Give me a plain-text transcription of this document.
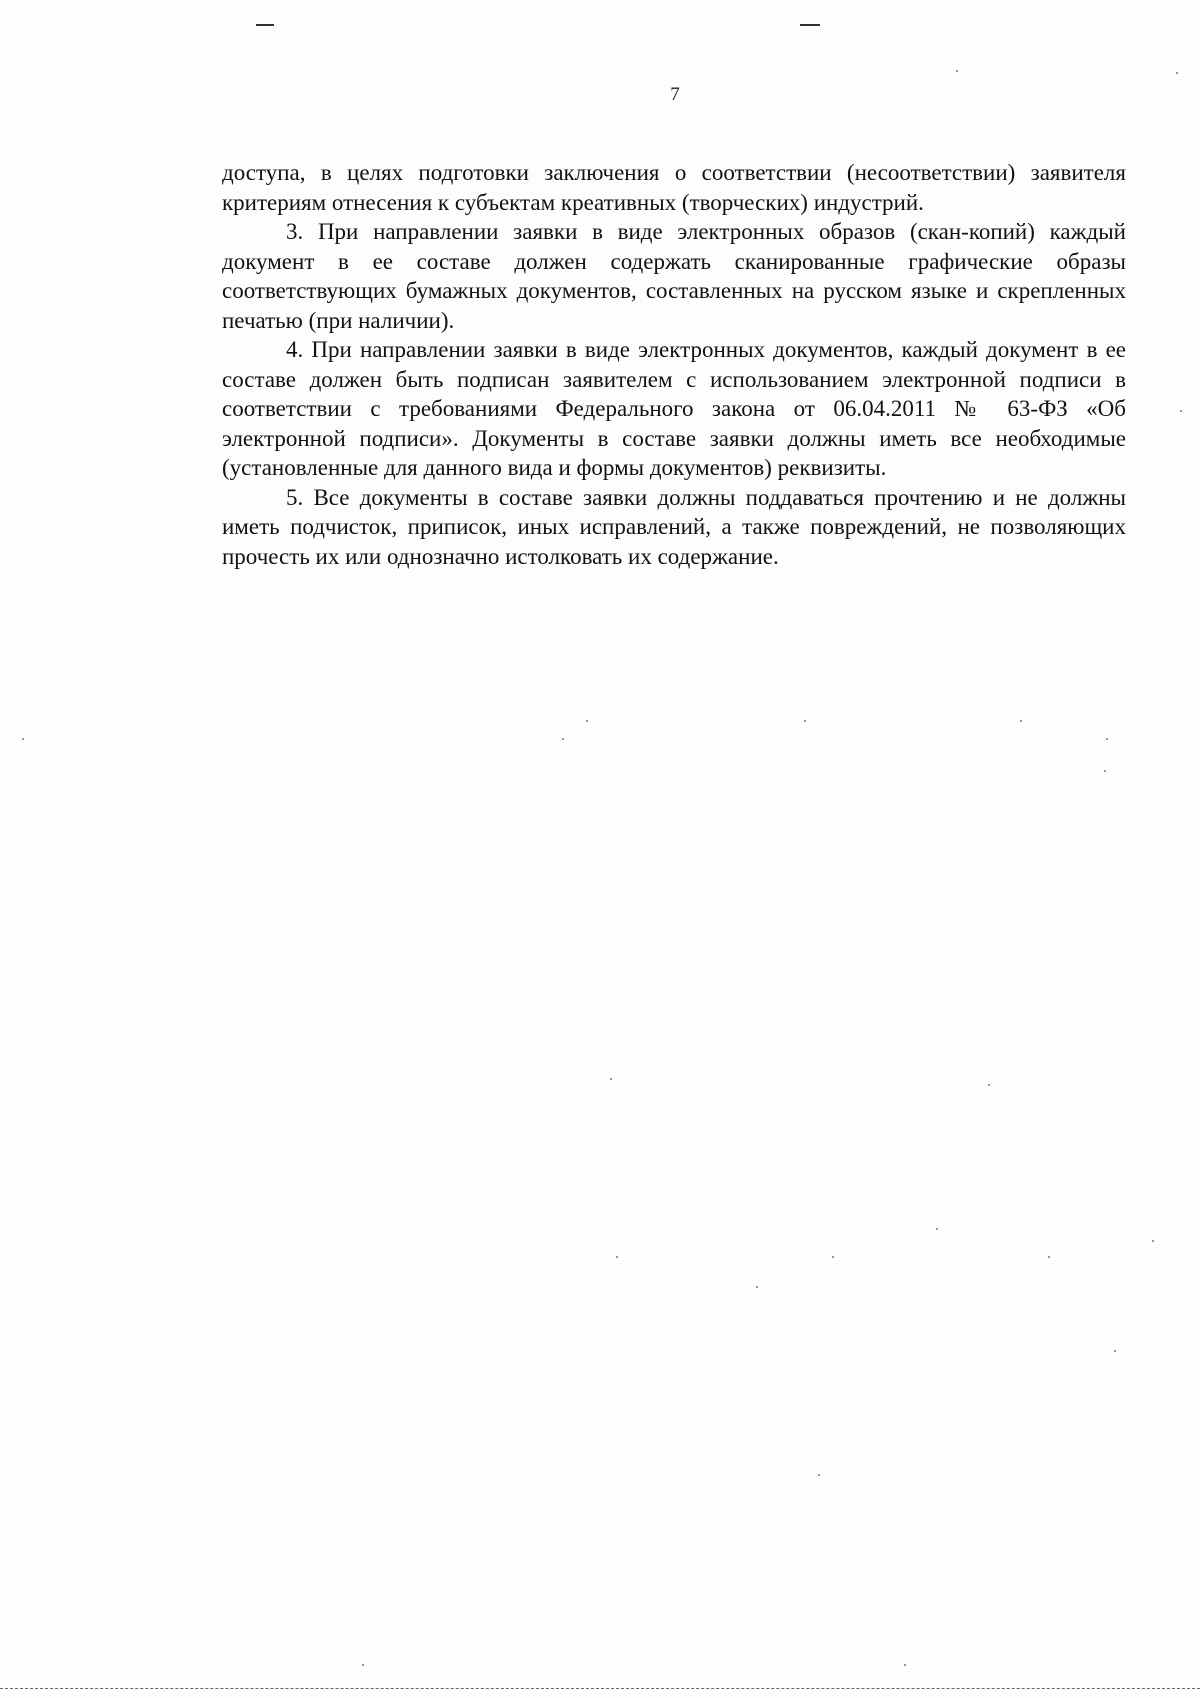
7

доступа, в целях подготовки заключения о соответствии (несоответствии) заявителя критериям отнесения к субъектам креативных (творческих) индустрий.

3. При направлении заявки в виде электронных образов (скан-копий) каждый документ в ее составе должен содержать сканированные графические образы соответствующих бумажных документов, составленных на русском языке и скрепленных печатью (при наличии).

4. При направлении заявки в виде электронных документов, каждый документ в ее составе должен быть подписан заявителем с использованием электронной подписи в соответствии с требованиями Федерального закона от 06.04.2011 № 63-ФЗ «Об электронной подписи». Документы в составе заявки должны иметь все необходимые (установленные для данного вида и формы документов) реквизиты.

5. Все документы в составе заявки должны поддаваться прочтению и не должны иметь подчисток, приписок, иных исправлений, а также повреждений, не позволяющих прочесть их или однозначно истолковать их содержание.
